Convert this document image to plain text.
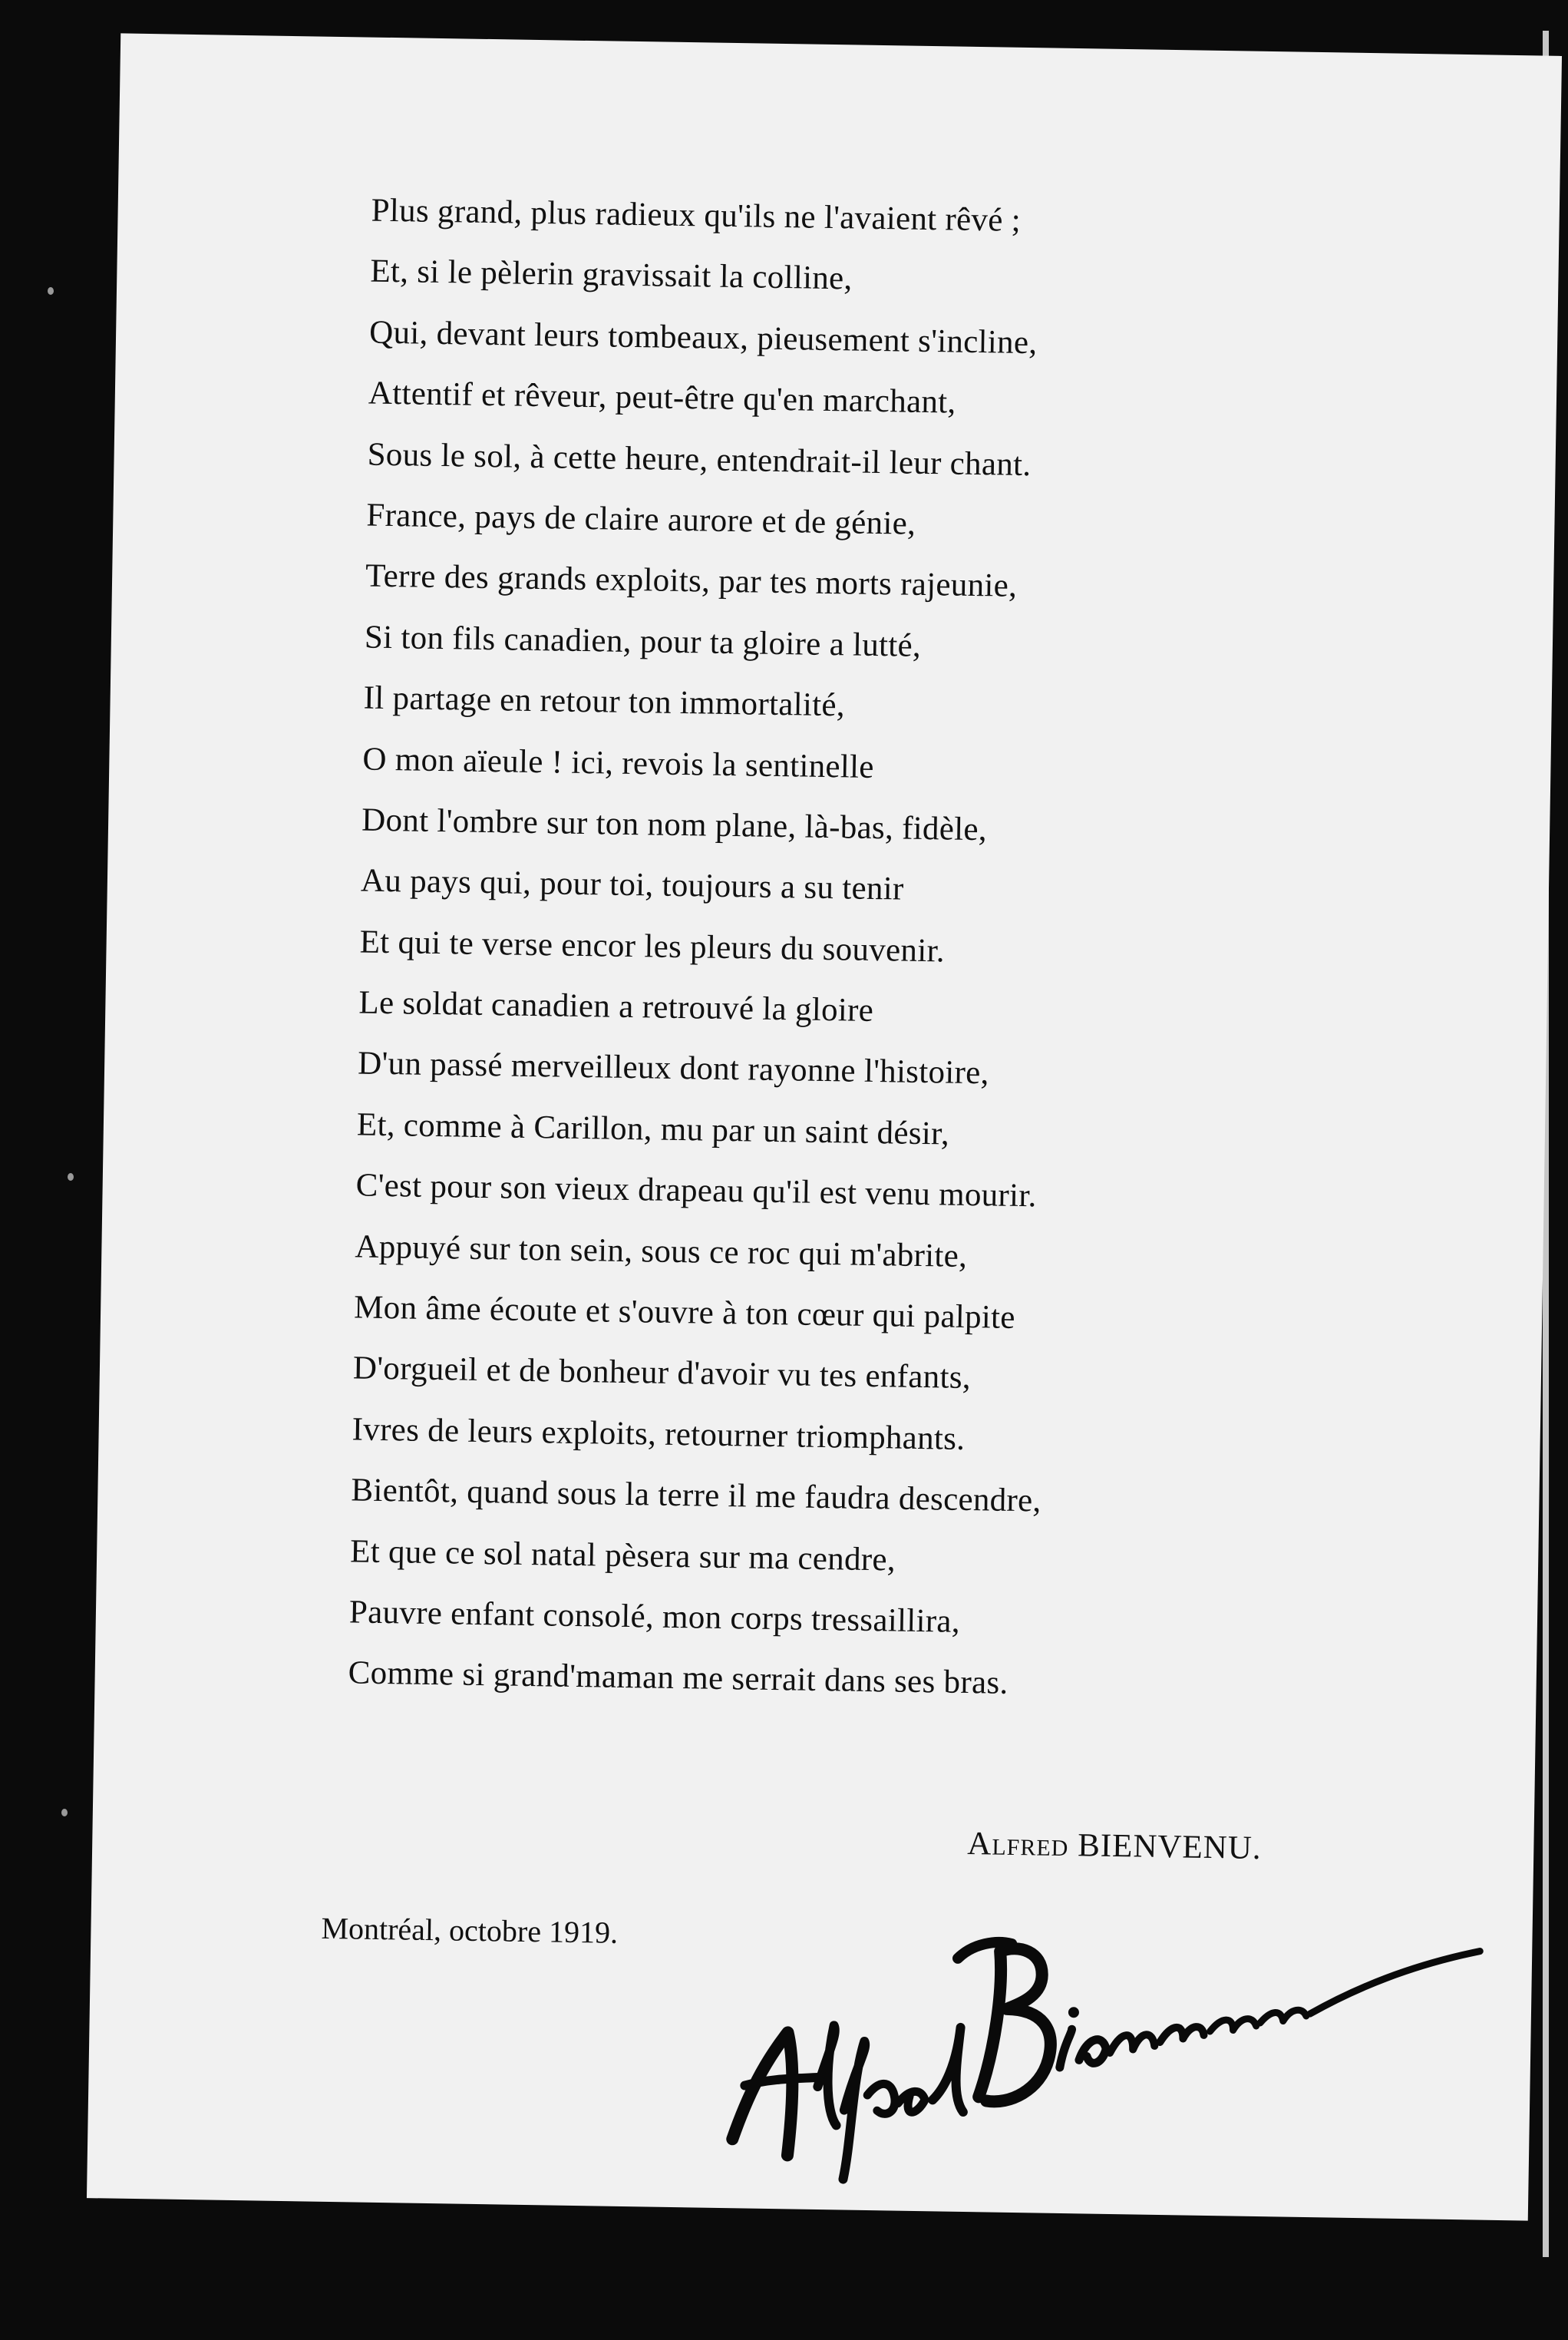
Plus grand, plus radieux qu'ils ne l'avaient rêvé ;
Et, si le pèlerin gravissait la colline,
Qui, devant leurs tombeaux, pieusement s'incline,
Attentif et rêveur, peut-être qu'en marchant,
Sous le sol, à cette heure, entendrait-il leur chant.
France, pays de claire aurore et de génie,
Terre des grands exploits, par tes morts rajeunie,
Si ton fils canadien, pour ta gloire a lutté,
Il partage en retour ton immortalité,
O mon aïeule ! ici, revois la sentinelle
Dont l'ombre sur ton nom plane, là-bas, fidèle,
Au pays qui, pour toi, toujours a su tenir
Et qui te verse encor les pleurs du souvenir.
Le soldat canadien a retrouvé la gloire
D'un passé merveilleux dont rayonne l'histoire,
Et, comme à Carillon, mu par un saint désir,
C'est pour son vieux drapeau qu'il est venu mourir.
Appuyé sur ton sein, sous ce roc qui m'abrite,
Mon âme écoute et s'ouvre à ton cœur qui palpite
D'orgueil et de bonheur d'avoir vu tes enfants,
Ivres de leurs exploits, retourner triomphants.
Bientôt, quand sous la terre il me faudra descendre,
Et que ce sol natal pèsera sur ma cendre,
Pauvre enfant consolé, mon corps tressaillira,
Comme si grand'maman me serrait dans ses bras.
Alfred BIENVENU.
Montréal, octobre 1919.
